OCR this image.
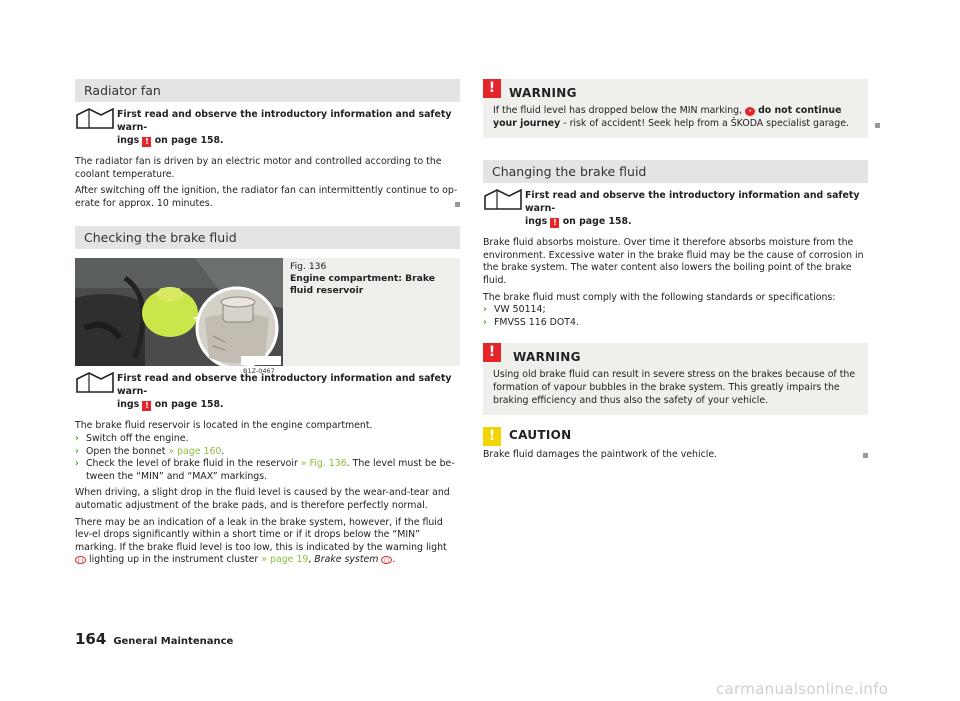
Radiator fan
First read and observe the introductory information and safety warn-
ings ! on page 158.

The radiator fan is driven by an electric motor and controlled according to the coolant temperature.

After switching off the ignition, the radiator fan can intermittently continue to op-erate for approx. 10 minutes.

Checking the brake fluid
Fig. 136
Engine compartment: Brake fluid reservoir
B1Z-0467
First read and observe the introductory information and safety warn-
ings ! on page 158.

The brake fluid reservoir is located in the engine compartment.

› Switch off the engine.
› Open the bonnet » page 160.
› Check the level of brake fluid in the reservoir » Fig. 136. The level must be be-tween the “MIN” and “MAX” markings.

When driving, a slight drop in the fluid level is caused by the wear-and-tear and automatic adjustment of the brake pads, and is therefore perfectly normal.

There may be an indication of a leak in the brake system, however, if the fluid lev-el drops significantly within a short time or if it drops below the “MIN” marking. If the brake fluid level is too low, this is indicated by the warning light ( ) lighting up in the instrument cluster » page 19, Brake system ( ) .

!	WARNING

If the fluid level has dropped below the MIN marking, • do not continue your journey - risk of accident! Seek help from a ŠKODA specialist garage.

Changing the brake fluid
First read and observe the introductory information and safety warn-
ings ! on page 158.

Brake fluid absorbs moisture. Over time it therefore absorbs moisture from the environment. Excessive water in the brake fluid may be the cause of corrosion in the brake system. The water content also lowers the boiling point of the brake fluid.

The brake fluid must comply with the following standards or specifications:

› VW 50114;
› FMVSS 116 DOT4.
!	WARNING

Using old brake fluid can result in severe stress on the brakes because of the formation of vapour bubbles in the brake system. This greatly impairs the braking efficiency and thus also the safety of your vehicle.

!	CAUTION

Brake fluid damages the paintwork of the vehicle.

164 General Maintenance
carmanualsonline.info
